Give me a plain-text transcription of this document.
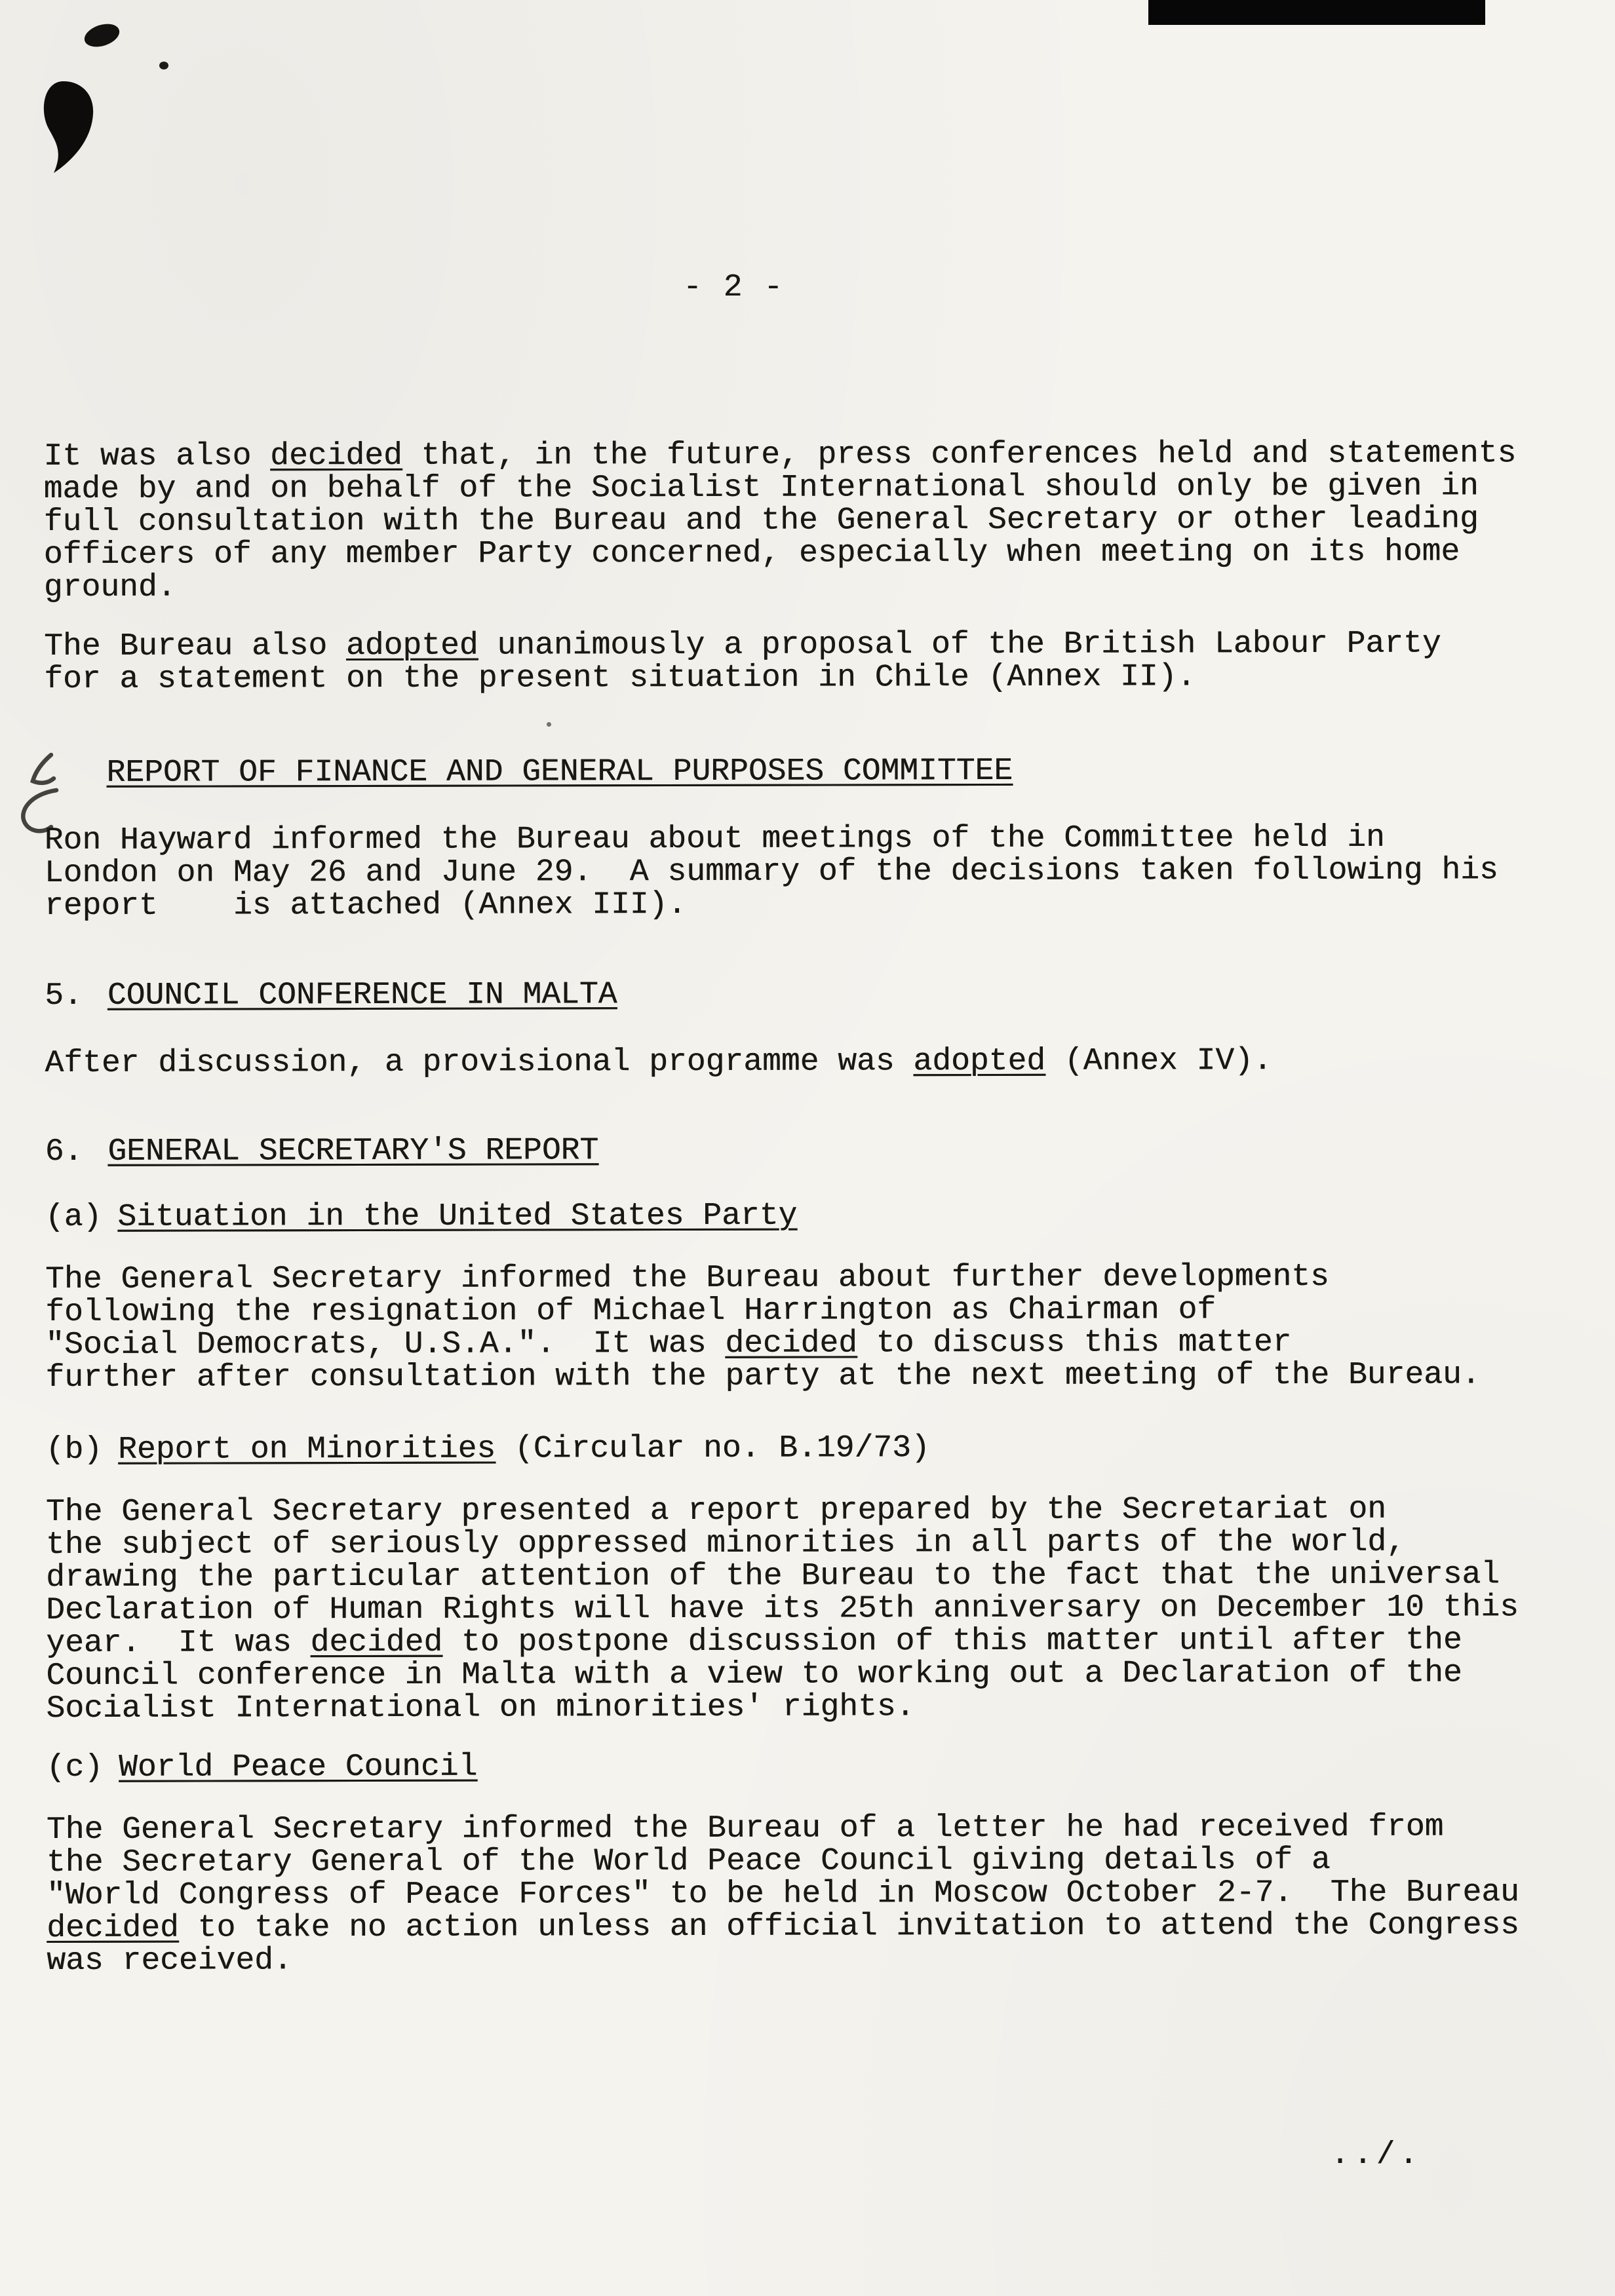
- 2 -

It was also decided that, in the future, press conferences held and statements
made by and on behalf of the Socialist International should only be given in
full consultation with the Bureau and the General Secretary or other leading
officers of any member Party concerned, especially when meeting on its home
ground.

The Bureau also adopted unanimously a proposal of the British Labour Party
for a statement on the present situation in Chile (Annex II).

REPORT OF FINANCE AND GENERAL PURPOSES COMMITTEE

Ron Hayward informed the Bureau about meetings of the Committee held in
London on May 26 and June 29.  A summary of the decisions taken following his
report    is attached (Annex III).

5. COUNCIL CONFERENCE IN MALTA

After discussion, a provisional programme was adopted (Annex IV).

6. GENERAL SECRETARY'S REPORT
(a) Situation in the United States Party

The General Secretary informed the Bureau about further developments
following the resignation of Michael Harrington as Chairman of
"Social Democrats, U.S.A.".  It was decided to discuss this matter
further after consultation with the party at the next meeting of the Bureau.

(b) Report on Minorities (Circular no. B.19/73)

The General Secretary presented a report prepared by the Secretariat on
the subject of seriously oppressed minorities in all parts of the world,
drawing the particular attention of the Bureau to the fact that the universal
Declaration of Human Rights will have its 25th anniversary on December 10 this
year.  It was decided to postpone discussion of this matter until after the
Council conference in Malta with a view to working out a Declaration of the
Socialist International on minorities' rights.

(c) World Peace Council

The General Secretary informed the Bureau of a letter he had received from
the Secretary General of the World Peace Council giving details of a
"World Congress of Peace Forces" to be held in Moscow October 2-7.  The Bureau
decided to take no action unless an official invitation to attend the Congress
was received.

../.
